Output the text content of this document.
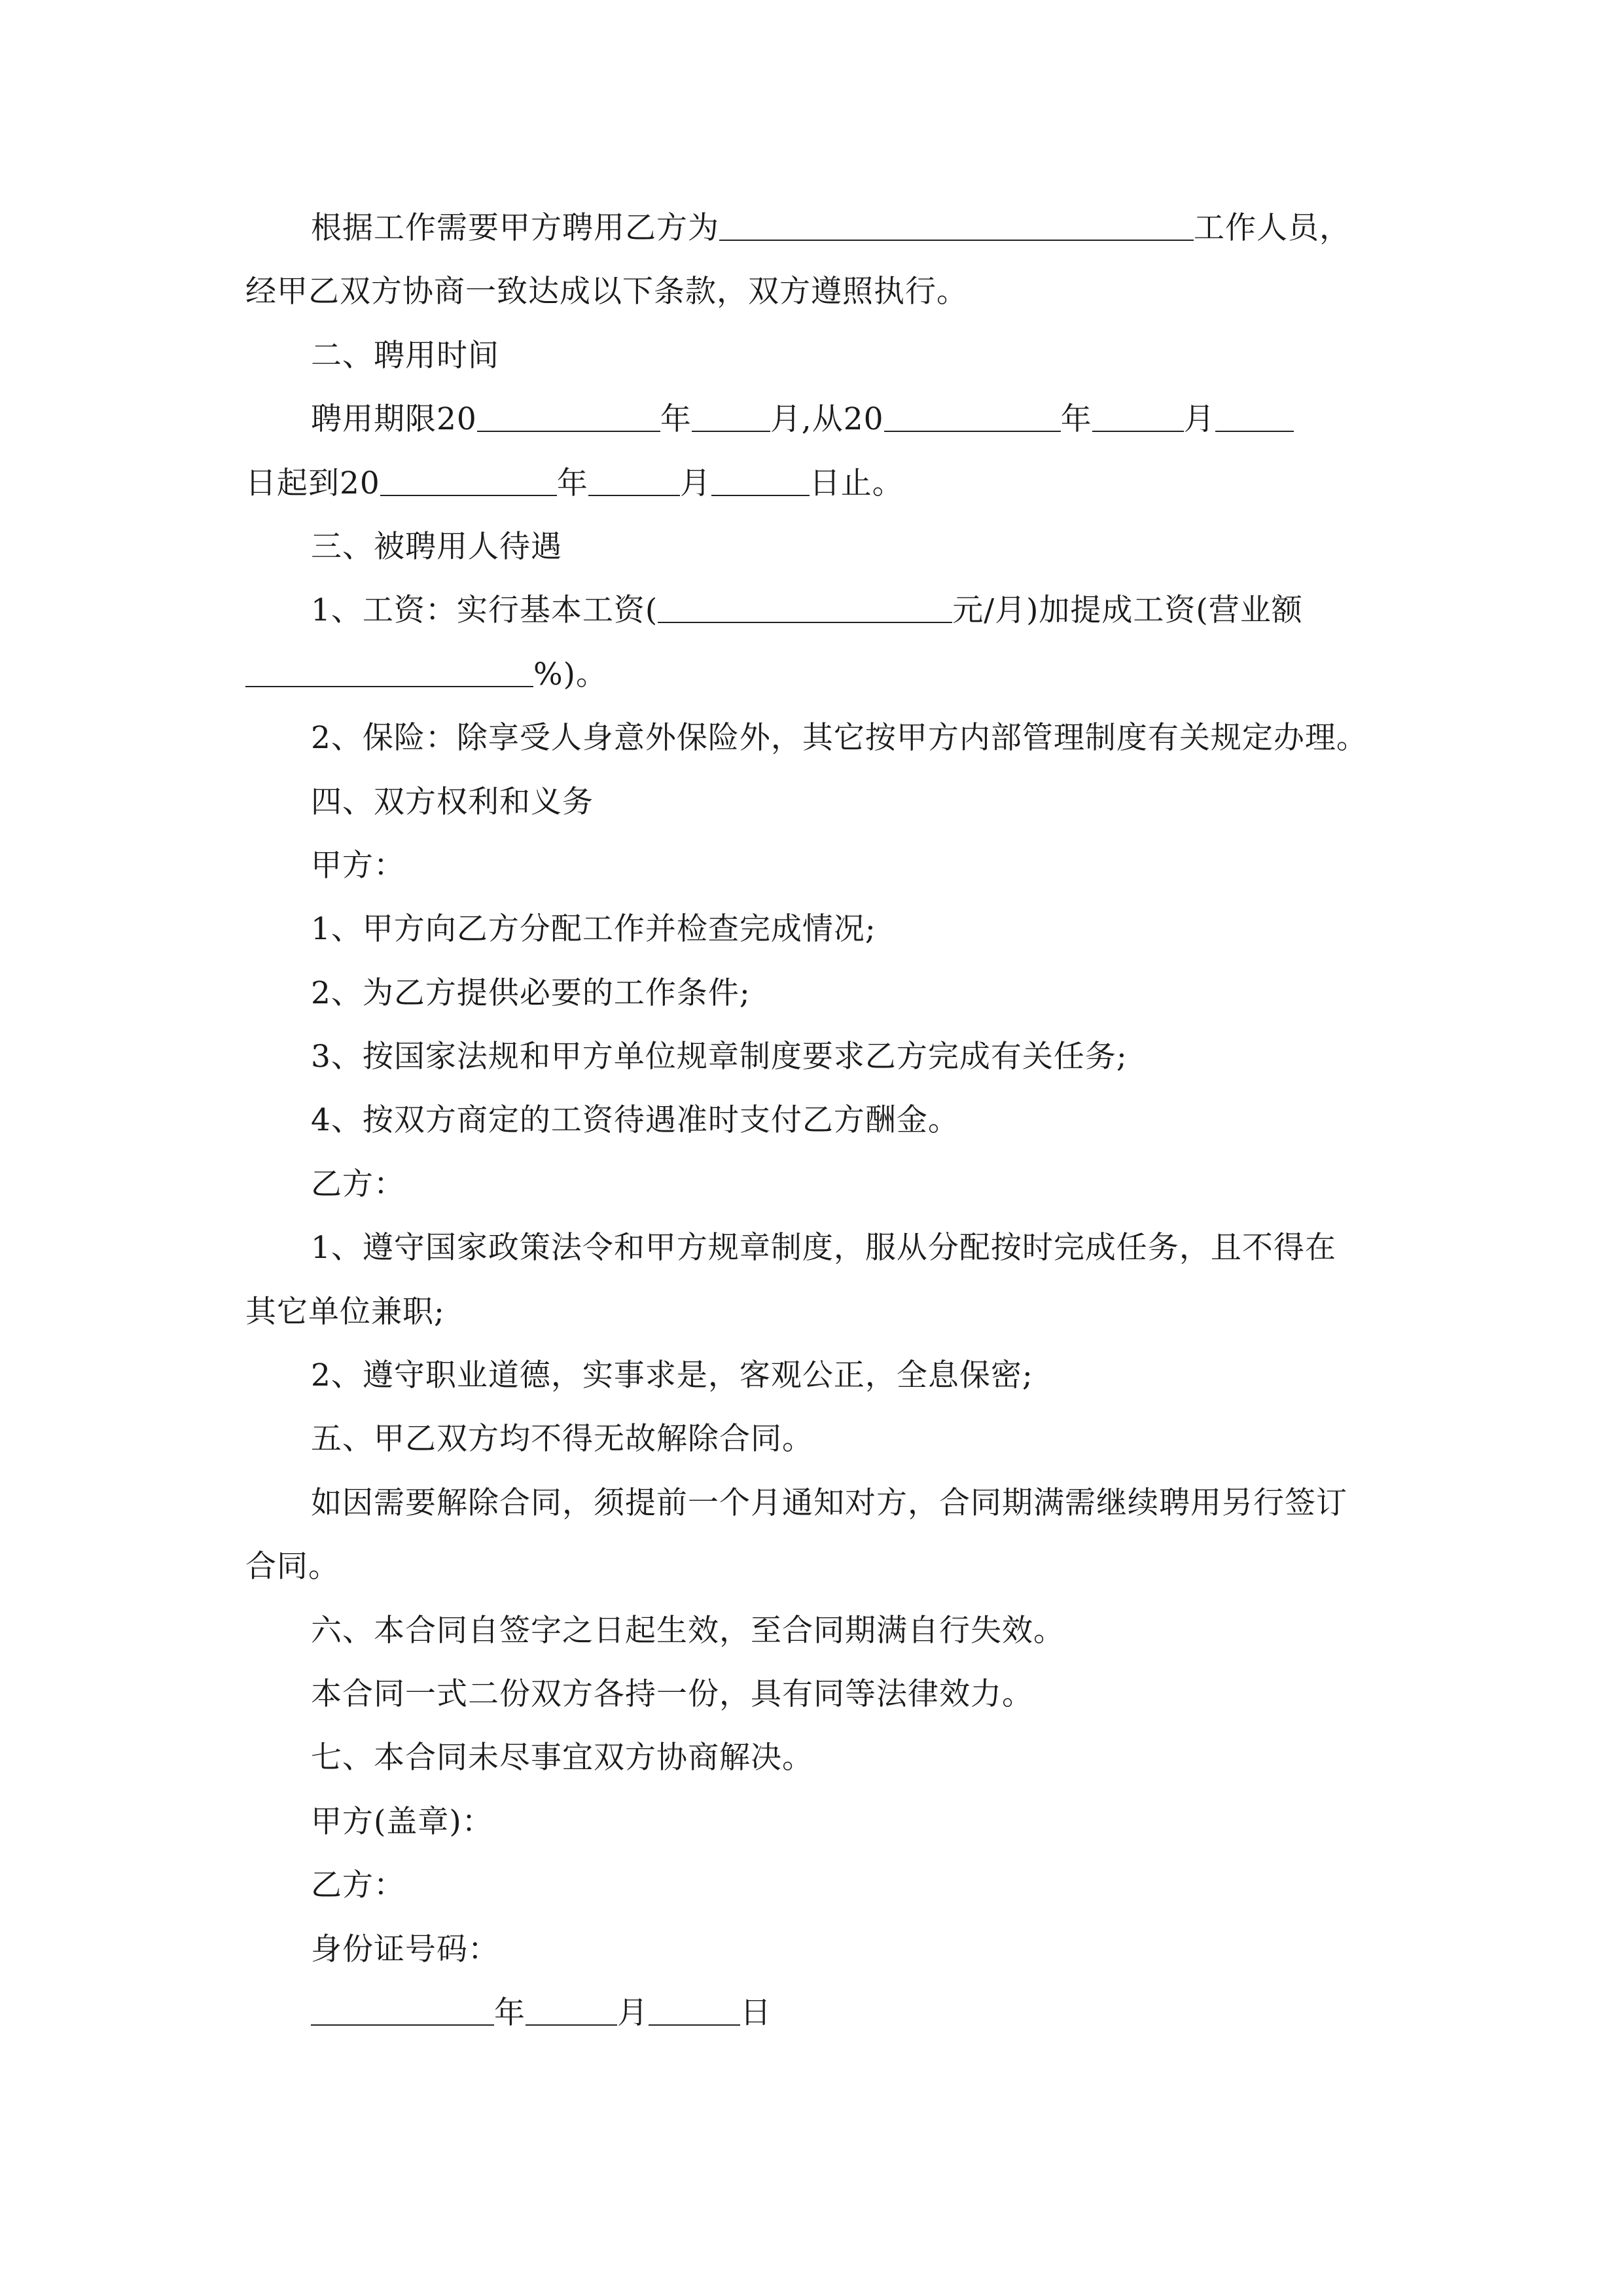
根据工作需要甲方聘用乙方为	工作人员，
经甲乙双方协商一致达成以下条款，双方遵照执行。
二、聘用时间
聘用期限20	年	月,从20	年	月
日起到20	年	月	日止。
三、被聘用人待遇
1、工资：实行基本工资(	元/月)加提成工资(营业额
%)。
2、保险：除享受人身意外保险外，其它按甲方内部管理制度有关规定办理。
四、双方权利和义务
甲方：
1、甲方向乙方分配工作并检查完成情况;
2、为乙方提供必要的工作条件;
3、按国家法规和甲方单位规章制度要求乙方完成有关任务;
4、按双方商定的工资待遇准时支付乙方酬金。
乙方：
1、遵守国家政策法令和甲方规章制度，服从分配按时完成任务，且不得在
其它单位兼职;
2、遵守职业道德，实事求是，客观公正，全息保密;
五、甲乙双方均不得无故解除合同。
如因需要解除合同，须提前一个月通知对方，合同期满需继续聘用另行签订
合同。
六、本合同自签字之日起生效，至合同期满自行失效。
本合同一式二份双方各持一份，具有同等法律效力。
七、本合同未尽事宜双方协商解决。
甲方(盖章)：
乙方：
身份证号码：
年	月	日
